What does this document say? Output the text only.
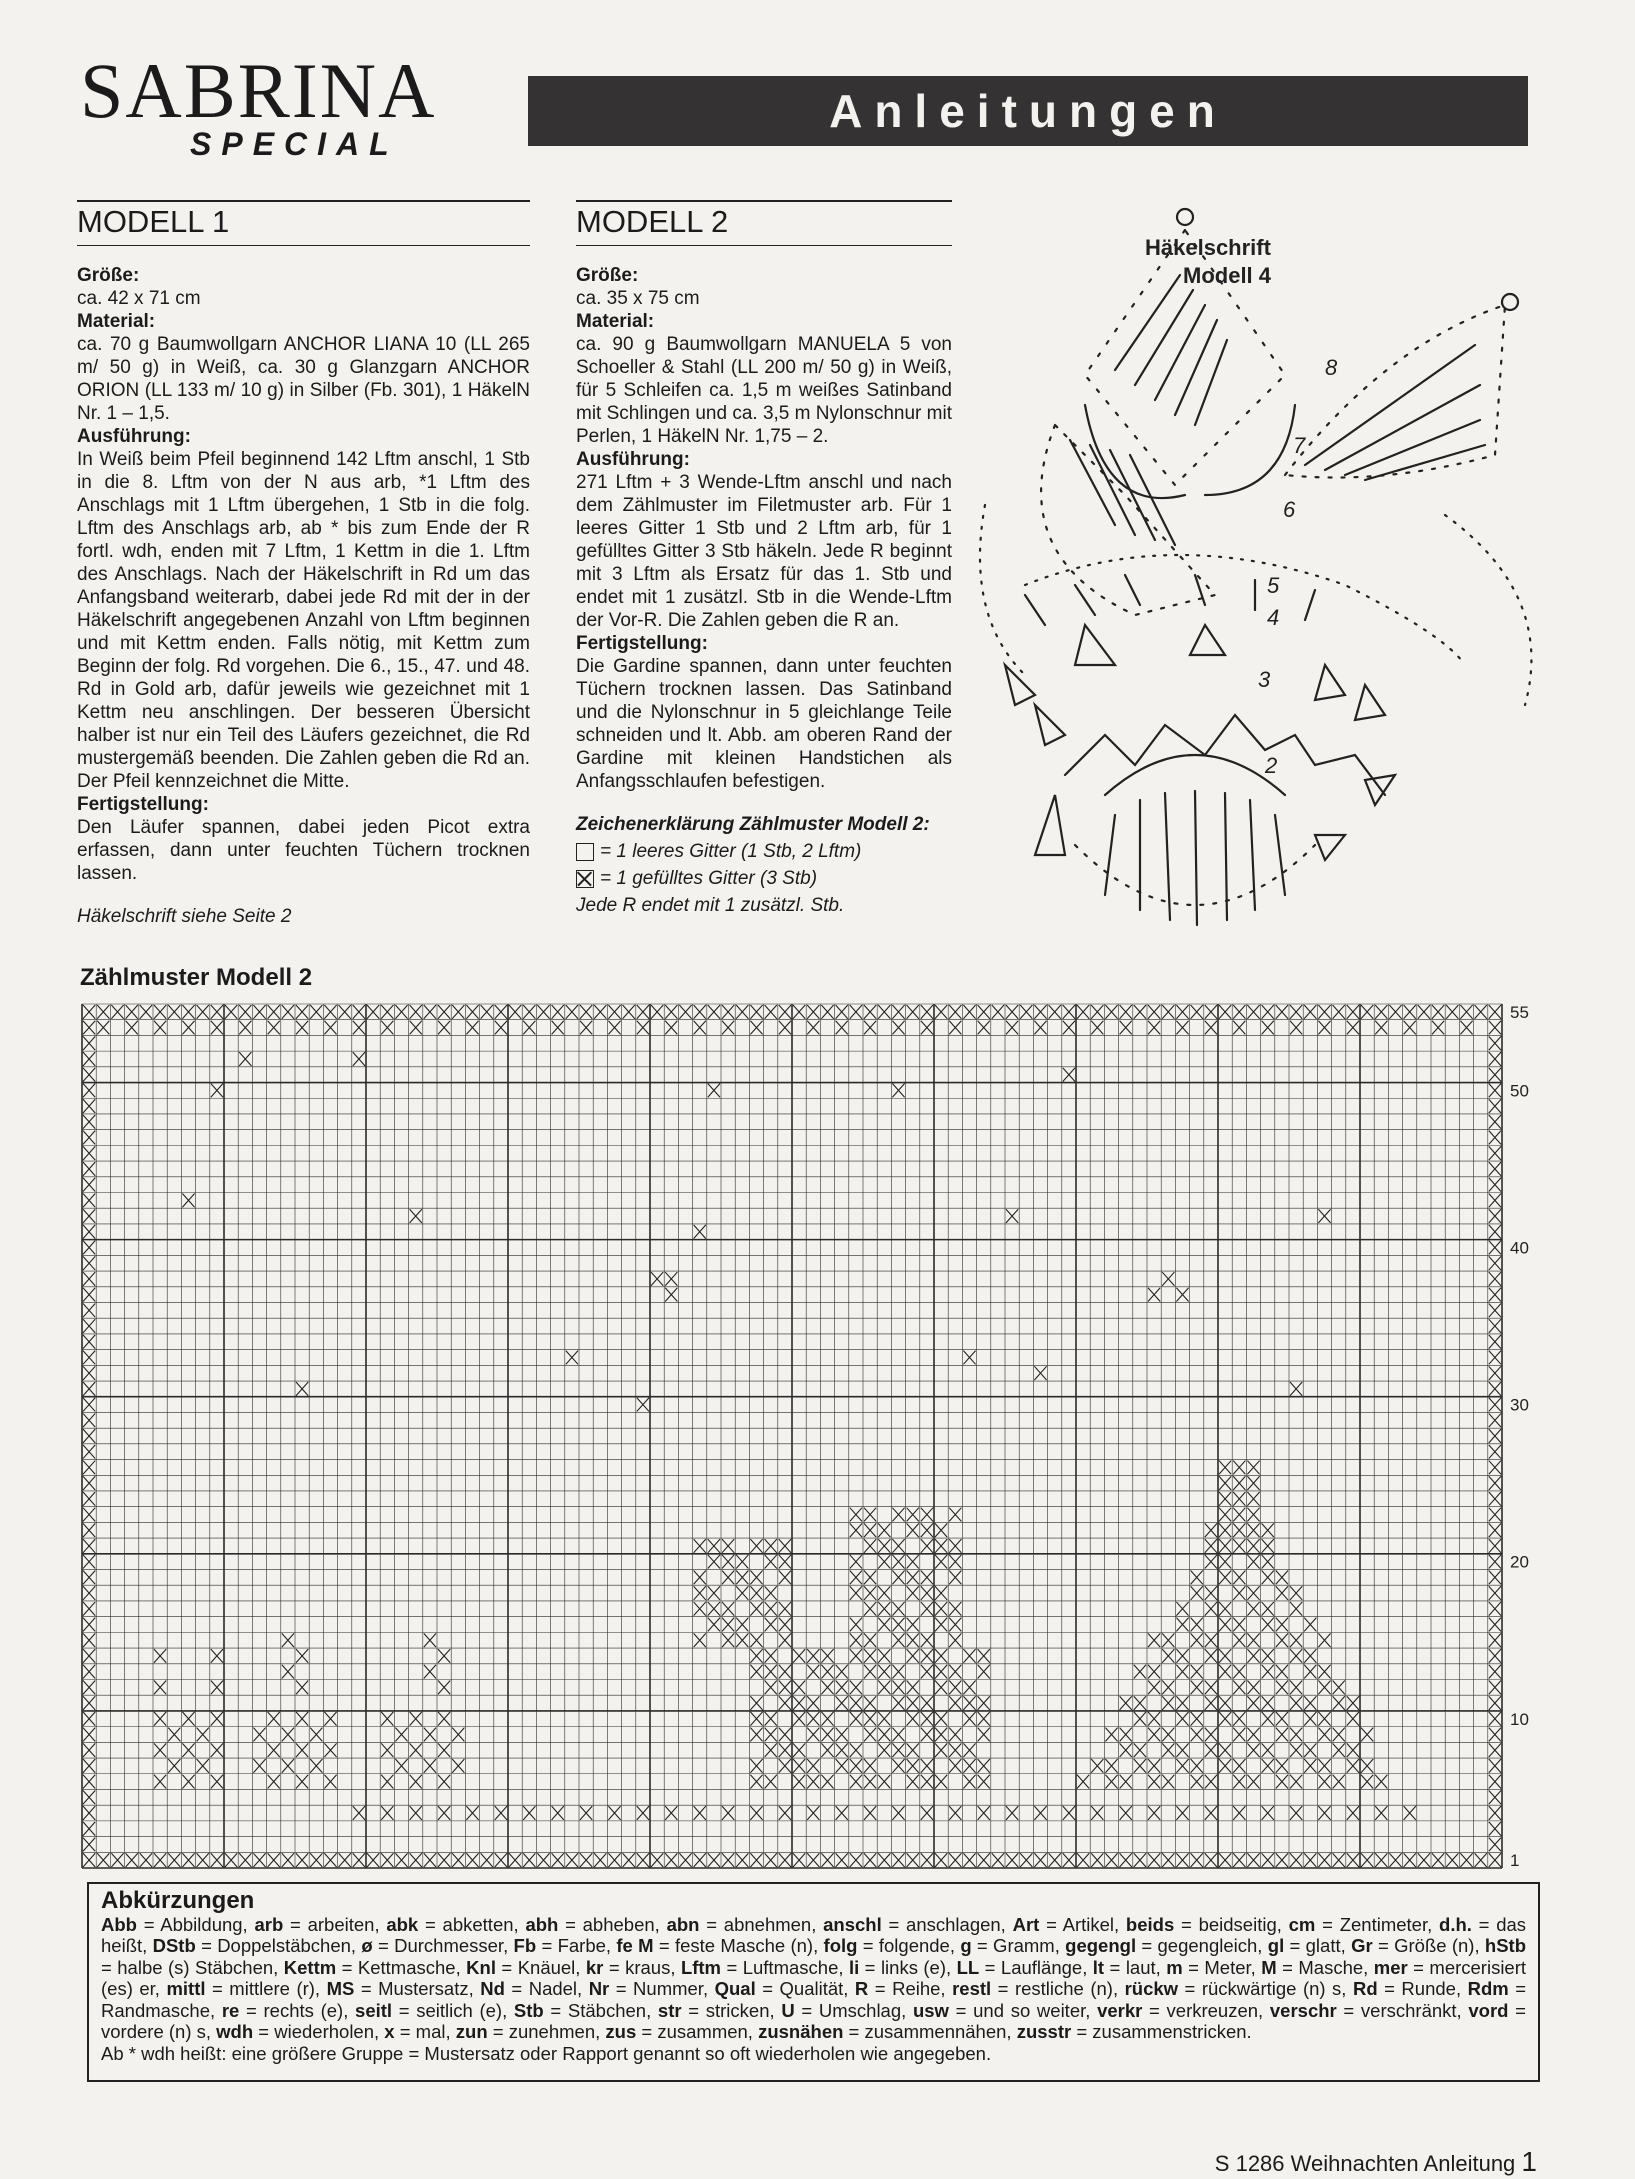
SABRINA
SPECIAL
Anleitungen
MODELL 1
Größe:

ca. 42 x 71 cm

Material:

ca. 70 g Baumwollgarn ANCHOR LIANA 10 (LL 265 m/ 50 g) in Weiß, ca. 30 g Glanzgarn ANCHOR ORION (LL 133 m/ 10 g) in Silber (Fb. 301), 1 HäkelN Nr. 1 – 1,5.

Ausführung:

In Weiß beim Pfeil beginnend 142 Lftm anschl, 1 Stb in die 8. Lftm von der N aus arb, *1 Lftm des Anschlags mit 1 Lftm übergehen, 1 Stb in die folg. Lftm des Anschlags arb, ab * bis zum Ende der R fortl. wdh, enden mit 7 Lftm, 1 Kettm in die 1. Lftm des Anschlags. Nach der Häkelschrift in Rd um das Anfangsband weiterarb, dabei jede Rd mit der in der Häkelschrift angegebenen Anzahl von Lftm beginnen und mit Kettm enden. Falls nötig, mit Kettm zum Beginn der folg. Rd vorgehen. Die 6., 15., 47. und 48. Rd in Gold arb, dafür jeweils wie gezeichnet mit 1 Kettm neu anschlingen. Der besseren Übersicht halber ist nur ein Teil des Läufers gezeichnet, die Rd mustergemäß beenden. Die Zahlen geben die Rd an. Der Pfeil kennzeichnet die Mitte.

Fertigstellung:

Den Läufer spannen, dabei jeden Picot extra erfassen, dann unter feuchten Tüchern trocknen lassen.

Häkelschrift siehe Seite 2

MODELL 2
Größe:

ca. 35 x 75 cm

Material:

ca. 90 g Baumwollgarn MANUELA 5 von Schoeller & Stahl (LL 200 m/ 50 g) in Weiß, für 5 Schleifen ca. 1,5 m weißes Satinband mit Schlingen und ca. 3,5 m Nylonschnur mit Perlen, 1 HäkelN Nr. 1,75 – 2.

Ausführung:

271 Lftm + 3 Wende-Lftm anschl und nach dem Zählmuster im Filetmuster arb. Für 1 leeres Gitter 1 Stb und 2 Lftm arb, für 1 gefülltes Gitter 3 Stb häkeln. Jede R beginnt mit 3 Lftm als Ersatz für das 1. Stb und endet mit 1 zusätzl. Stb in die Wende-Lftm der Vor-R. Die Zahlen geben die R an.

Fertigstellung:

Die Gardine spannen, dann unter feuchten Tüchern trocknen lassen. Das Satinband und die Nylonschnur in 5 gleichlange Teile schneiden und lt. Abb. am oberen Rand der Gardine mit kleinen Handstichen als Anfangsschlaufen befestigen.

Zeichenerklärung Zählmuster Modell 2:
= 1 leeres Gitter (1 Stb, 2 Lftm)
= 1 gefülltes Gitter (3 Stb)
Jede R endet mit 1 zusätzl. Stb.
Häkelschrift
Modell 4
2
3
4
5
6
7
8
Zählmuster Modell 2
55
50
40
30
20
10
1
Abkürzungen
Abb = Abbildung, arb = arbeiten, abk = abketten, abh = abheben, abn = abnehmen, anschl = anschlagen, Art = Artikel, beids = beidseitig, cm = Zentimeter, d.h. = das heißt, DStb = Doppelstäbchen, ø = Durchmesser, Fb = Farbe, fe M = feste Masche (n), folg = folgende, g = Gramm, gegengl = gegengleich, gl = glatt, Gr = Größe (n), hStb = halbe (s) Stäbchen, Kettm = Kettmasche, Knl = Knäuel, kr = kraus, Lftm = Luftmasche, li = links (e), LL = Lauflänge, lt = laut, m = Meter, M = Masche, mer = mercerisiert (es) er, mittl = mittlere (r), MS = Mustersatz, Nd = Nadel, Nr = Nummer, Qual = Qualität, R = Reihe, restl = restliche (n), rückw = rückwärtige (n) s, Rd = Runde, Rdm = Randmasche, re = rechts (e), seitl = seitlich (e), Stb = Stäbchen, str = stricken, U = Umschlag, usw = und so weiter, verkr = verkreuzen, verschr = verschränkt, vord = vordere (n) s, wdh = wiederholen, x = mal, zun = zunehmen, zus = zusammen, zusnähen = zusammennähen, zusstr = zusammenstricken.
Ab * wdh heißt: eine größere Gruppe = Mustersatz oder Rapport genannt so oft wiederholen wie angegeben.
S 1286 Weihnachten Anleitung 1
